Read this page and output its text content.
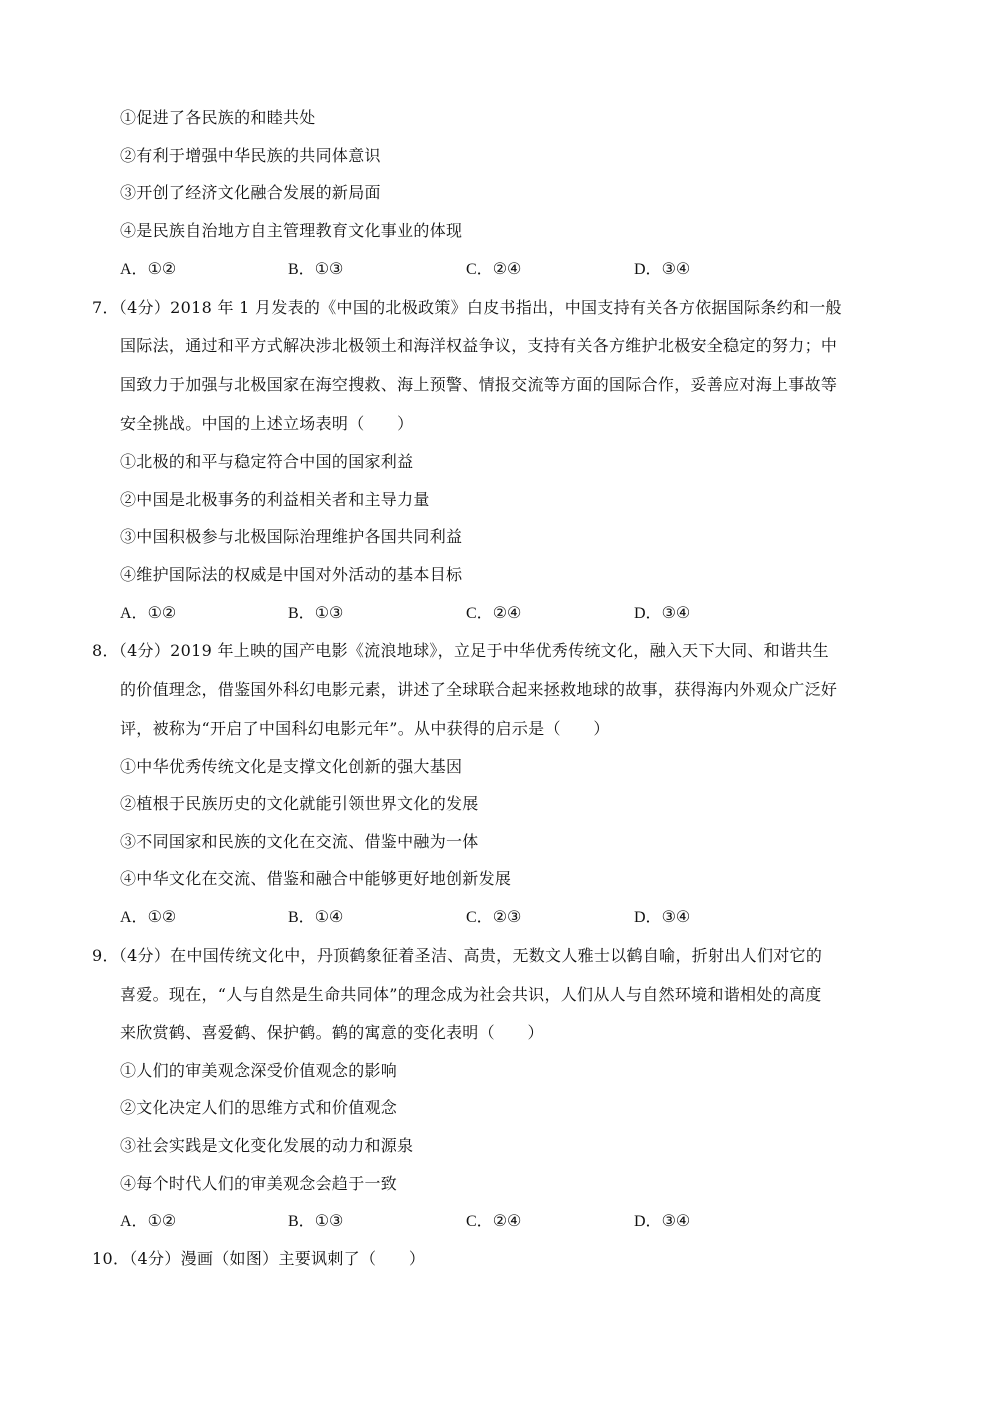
①促进了各民族的和睦共处
②有利于增强中华民族的共同体意识
③开创了经济文化融合发展的新局面
④是民族自治地方自主管理教育文化事业的体现
A．①②	B．①③	C．②④	D．③④
7．（4分）2018 年 1 月发表的《中国的北极政策》白皮书指出，中国支持有关各方依据国际条约和一般
国际法，通过和平方式解决涉北极领土和海洋权益争议，支持有关各方维护北极安全稳定的努力；中
国致力于加强与北极国家在海空搜救、海上预警、情报交流等方面的国际合作，妥善应对海上事故等
安全挑战。中国的上述立场表明（　　）
①北极的和平与稳定符合中国的国家利益
②中国是北极事务的利益相关者和主导力量
③中国积极参与北极国际治理维护各国共同利益
④维护国际法的权威是中国对外活动的基本目标
A．①②	B．①③	C．②④	D．③④
8．（4分）2019 年上映的国产电影《流浪地球》，立足于中华优秀传统文化，融入天下大同、和谐共生
的价值理念，借鉴国外科幻电影元素，讲述了全球联合起来拯救地球的故事，获得海内外观众广泛好
评，被称为“开启了中国科幻电影元年”。从中获得的启示是（　　）
①中华优秀传统文化是支撑文化创新的强大基因
②植根于民族历史的文化就能引领世界文化的发展
③不同国家和民族的文化在交流、借鉴中融为一体
④中华文化在交流、借鉴和融合中能够更好地创新发展
A．①②	B．①④	C．②③	D．③④
9．（4分）在中国传统文化中，丹顶鹤象征着圣洁、高贵，无数文人雅士以鹤自喻，折射出人们对它的
喜爱。现在，“人与自然是生命共同体”的理念成为社会共识，人们从人与自然环境和谐相处的高度
来欣赏鹤、喜爱鹤、保护鹤。鹤的寓意的变化表明（　　）
①人们的审美观念深受价值观念的影响
②文化决定人们的思维方式和价值观念
③社会实践是文化变化发展的动力和源泉
④每个时代人们的审美观念会趋于一致
A．①②	B．①③	C．②④	D．③④
10．（4分）漫画（如图）主要讽刺了（　　）
